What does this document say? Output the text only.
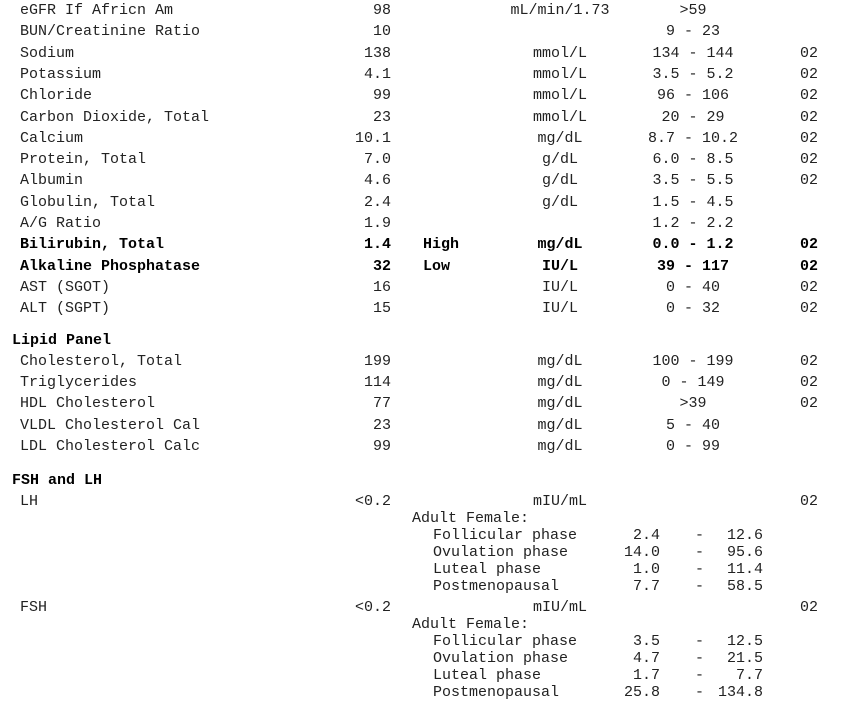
eGFR If Africn Am	98	mL/min/1.73	>59
BUN/Creatinine Ratio	10	9 - 23
Sodium	138	mmol/L	134 - 144	02
Potassium	4.1	mmol/L	3.5 - 5.2	02
Chloride	99	mmol/L	96 - 106	02
Carbon Dioxide, Total	23	mmol/L	20 - 29	02
Calcium	10.1	mg/dL	8.7 - 10.2	02
Protein, Total	7.0	g/dL	6.0 - 8.5	02
Albumin	4.6	g/dL	3.5 - 5.5	02
Globulin, Total	2.4	g/dL	1.5 - 4.5
A/G Ratio	1.9	1.2 - 2.2
Bilirubin, Total	1.4 High	mg/dL	0.0 - 1.2	02
Alkaline Phosphatase	32 Low	IU/L	39 - 117	02
AST (SGOT)	16	IU/L	0 - 40	02
ALT (SGPT)	15	IU/L	0 - 32	02
Lipid Panel
Cholesterol, Total	199	mg/dL	100 - 199	02
Triglycerides	114	mg/dL	0 - 149	02
HDL Cholesterol	77	mg/dL	>39	02
VLDL Cholesterol Cal	23	mg/dL	5 - 40
LDL Cholesterol Calc	99	mg/dL	0 - 99
FSH and LH
LH	<0.2	mIU/mL	02
Adult Female:
Follicular phase	2.4 - 12.6
Ovulation phase	14.0 - 95.6
Luteal phase	1.0 - 11.4
Postmenopausal	7.7 - 58.5
FSH	<0.2	mIU/mL	02
Adult Female:
Follicular phase	3.5 - 12.5
Ovulation phase	4.7 - 21.5
Luteal phase	1.7 - 7.7
Postmenopausal	25.8 - 134.8
